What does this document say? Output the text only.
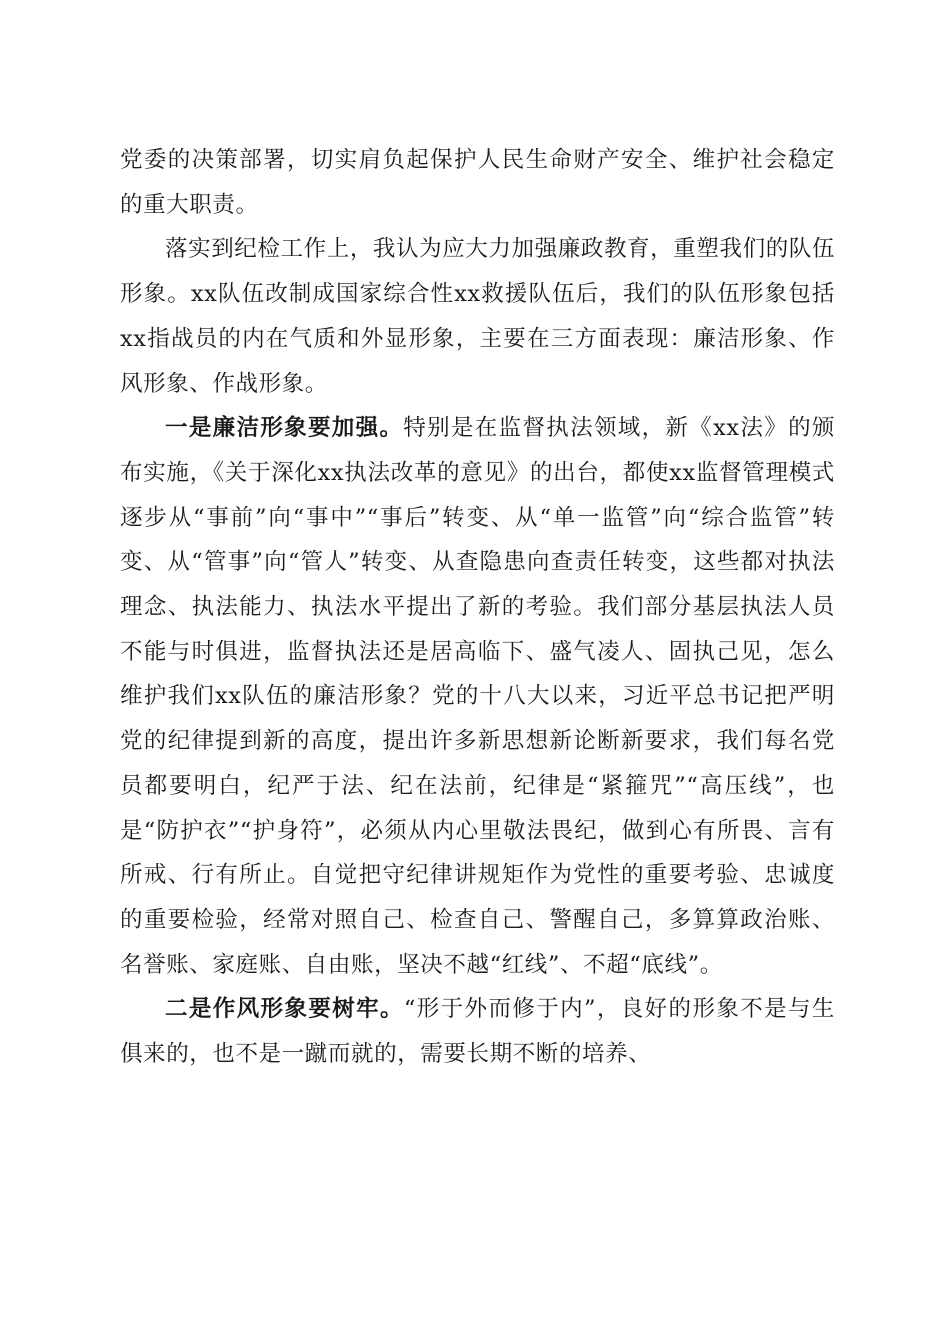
党委的决策部署，切实肩负起保护人民生命财产安全、维护社会稳定的重大职责。

落实到纪检工作上，我认为应大力加强廉政教育，重塑我们的队伍形象。xx队伍改制成国家综合性xx救援队伍后，我们的队伍形象包括xx指战员的内在气质和外显形象，主要在三方面表现：廉洁形象、作风形象、作战形象。

一是廉洁形象要加强。特别是在监督执法领域，新《xx法》的颁布实施，《关于深化xx执法改革的意见》的出台，都使xx监督管理模式逐步从“事前”向“事中”“事后”转变、从“单一监管”向“综合监管”转变、从“管事”向“管人”转变、从查隐患向查责任转变，这些都对执法理念、执法能力、执法水平提出了新的考验。我们部分基层执法人员不能与时俱进，监督执法还是居高临下、盛气凌人、固执己见，怎么维护我们xx队伍的廉洁形象？党的十八大以来，习近平总书记把严明党的纪律提到新的高度，提出许多新思想新论断新要求，我们每名党员都要明白，纪严于法、纪在法前，纪律是“紧箍咒”“高压线”，也是“防护衣”“护身符”，必须从内心里敬法畏纪，做到心有所畏、言有所戒、行有所止。自觉把守纪律讲规矩作为党性的重要考验、忠诚度的重要检验，经常对照自己、检查自己、警醒自己，多算算政治账、名誉账、家庭账、自由账，坚决不越“红线”、不超“底线”。

二是作风形象要树牢。“形于外而修于内”，良好的形象不是与生俱来的，也不是一蹴而就的，需要长期不断的培养、
